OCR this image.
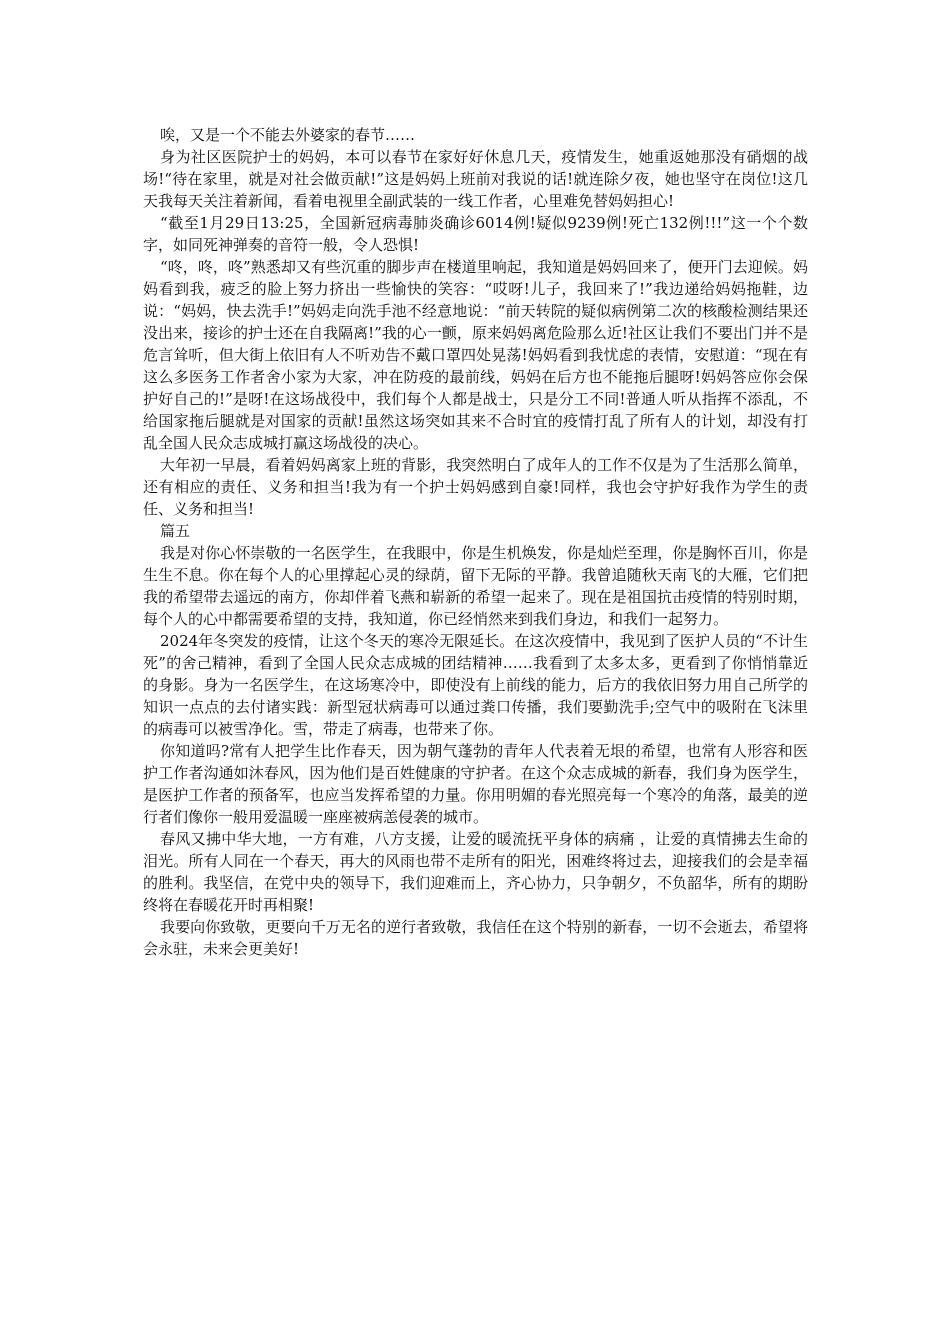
唉，又是一个不能去外婆家的春节……

身为社区医院护士的妈妈，本可以春节在家好好休息几天，疫情发生，她重返她那没有硝烟的战场!“待在家里，就是对社会做贡献!”这是妈妈上班前对我说的话!就连除夕夜，她也坚守在岗位!这几天我每天关注着新闻，看着电视里全副武装的一线工作者，心里难免替妈妈担心!

“截至1月29日13:25，全国新冠病毒肺炎确诊6014例!疑似9239例!死亡132例!!!”这一个个数字，如同死神弹奏的音符一般，令人恐惧!

“咚，咚，咚”熟悉却又有些沉重的脚步声在楼道里响起，我知道是妈妈回来了，便开门去迎候。妈妈看到我，疲乏的脸上努力挤出一些愉快的笑容：“哎呀!儿子，我回来了!”我边递给妈妈拖鞋，边说：“妈妈，快去洗手!”妈妈走向洗手池不经意地说：“前天转院的疑似病例第二次的核酸检测结果还没出来，接诊的护士还在自我隔离!”我的心一颤，原来妈妈离危险那么近!社区让我们不要出门并不是危言耸听，但大街上依旧有人不听劝告不戴口罩四处晃荡!妈妈看到我忧虑的表情，安慰道：“现在有这么多医务工作者舍小家为大家，冲在防疫的最前线，妈妈在后方也不能拖后腿呀!妈妈答应你会保护好自己的!”是呀!在这场战役中，我们每个人都是战士，只是分工不同!普通人听从指挥不添乱，不给国家拖后腿就是对国家的贡献!虽然这场突如其来不合时宜的疫情打乱了所有人的计划，却没有打乱全国人民众志成城打赢这场战役的决心。

大年初一早晨，看着妈妈离家上班的背影，我突然明白了成年人的工作不仅是为了生活那么简单，还有相应的责任、义务和担当!我为有一个护士妈妈感到自豪!同样，我也会守护好我作为学生的责任、义务和担当!

篇五

我是对你心怀崇敬的一名医学生，在我眼中，你是生机焕发，你是灿烂至理，你是胸怀百川，你是生生不息。你在每个人的心里撑起心灵的绿荫，留下无际的平静。我曾追随秋天南飞的大雁，它们把我的希望带去遥远的南方，你却伴着飞燕和崭新的希望一起来了。现在是祖国抗击疫情的特别时期，每个人的心中都需要希望的支持，我知道，你已经悄然来到我们身边，和我们一起努力。

2024年冬突发的疫情，让这个冬天的寒冷无限延长。在这次疫情中，我见到了医护人员的“不计生死”的舍己精神，看到了全国人民众志成城的团结精神……我看到了太多太多，更看到了你悄悄靠近的身影。身为一名医学生，在这场寒冷中，即使没有上前线的能力，后方的我依旧努力用自己所学的知识一点点的去付诸实践：新型冠状病毒可以通过粪口传播，我们要勤洗手;空气中的吸附在飞沫里的病毒可以被雪净化。雪，带走了病毒，也带来了你。

你知道吗?常有人把学生比作春天，因为朝气蓬勃的青年人代表着无垠的希望，也常有人形容和医护工作者沟通如沐春风，因为他们是百姓健康的守护者。在这个众志成城的新春，我们身为医学生，是医护工作者的预备军，也应当发挥希望的力量。你用明媚的春光照亮每一个寒冷的角落，最美的逆行者们像你一般用爱温暖一座座被病恙侵袭的城市。

春风又拂中华大地，一方有难，八方支援，让爱的暖流抚平身体的病痛 ，让爱的真情拂去生命的泪光。所有人同在一个春天，再大的风雨也带不走所有的阳光，困难终将过去，迎接我们的会是幸福的胜利。我坚信，在党中央的领导下，我们迎难而上，齐心协力，只争朝夕，不负韶华，所有的期盼终将在春暖花开时再相聚!

我要向你致敬，更要向千万无名的逆行者致敬，我信任在这个特别的新春，一切不会逝去，希望将会永驻，未来会更美好!
